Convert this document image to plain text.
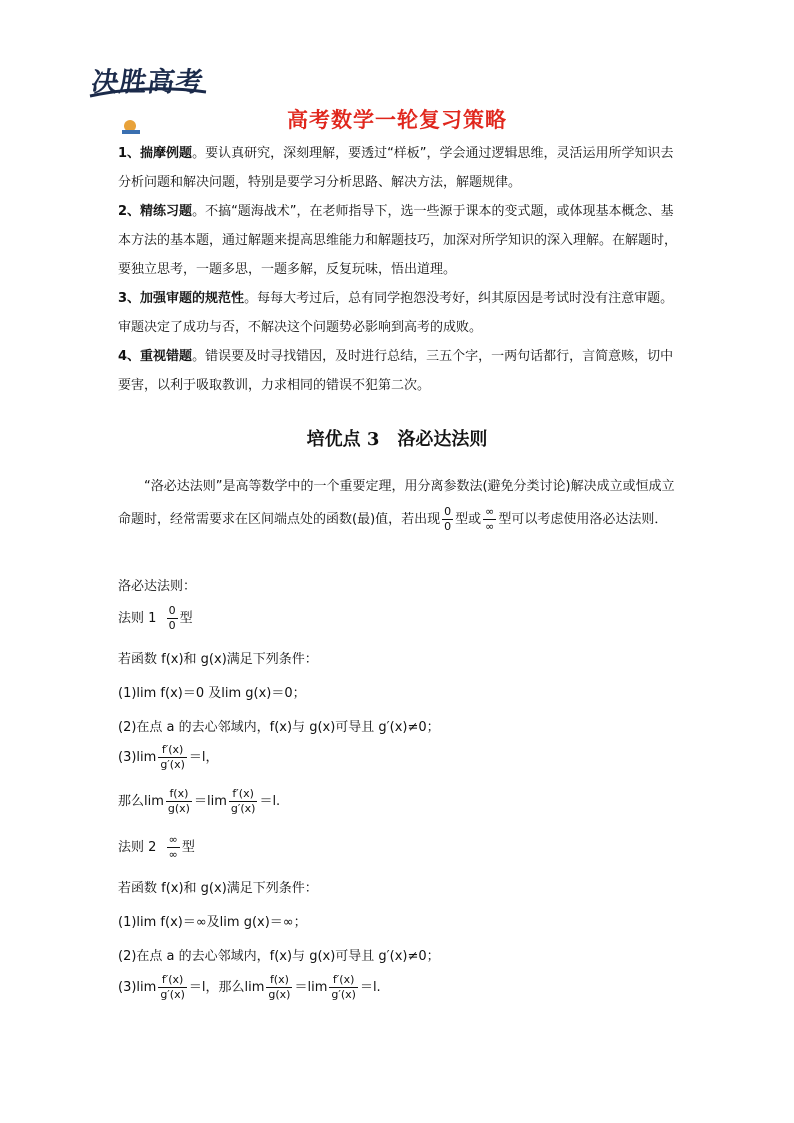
决胜高考
高考数学一轮复习策略

1、揣摩例题。要认真研究，深刻理解，要透过“样板”，学会通过逻辑思维，灵活运用所学知识去分析问题和解决问题，特别是要学习分析思路、解决方法，解题规律。

2、精练习题。不搞“题海战术”，在老师指导下，选一些源于课本的变式题，或体现基本概念、基本方法的基本题，通过解题来提高思维能力和解题技巧，加深对所学知识的深入理解。在解题时，要独立思考，一题多思，一题多解，反复玩味，悟出道理。

3、加强审题的规范性。每每大考过后，总有同学抱怨没考好，纠其原因是考试时没有注意审题。审题决定了成功与否，不解决这个问题势必影响到高考的成败。

4、重视错题。错误要及时寻找错因，及时进行总结，三五个字，一两句话都行，言简意赅，切中要害，以利于吸取教训，力求相同的错误不犯第二次。

培优点 3　洛必达法则
“洛必达法则”是高等数学中的一个重要定理，用分离参数法(避免分类讨论)解决成立或恒成立命题时，经常需要求在区间端点处的函数(最)值，若出现 $\frac{0}{0}$ 型或 $\frac{\infty}{\infty}$ 型可以考虑使用洛必达法则．
洛必达法则：
法则 $1 \frac{0}{0}$ 型
若函数 f(x)和 g(x)满足下列条件：
(1)lim f(x)＝0 及lim g(x)＝0；
(2)在点 a 的去心邻域内，f(x)与 g(x)可导且 g′(x)≠0；
$(3)\lim \frac{f'(x)}{g'(x)} =l$，
那么$\lim \frac{f(x)}{g(x)} =\lim \frac{f'(x)}{g'(x)} =l$.
法则 $2 \frac{\infty}{\infty}$ 型
若函数 f(x)和 g(x)满足下列条件：
(1)lim f(x)＝∞及lim g(x)＝∞；
(2)在点 a 的去心邻域内，f(x)与 g(x)可导且 g′(x)≠0；
$(3)\lim \frac{f'(x)}{g'(x)} =l$，那么$\lim \frac{f(x)}{g(x)} =\lim \frac{f'(x)}{g'(x)} =l$.
